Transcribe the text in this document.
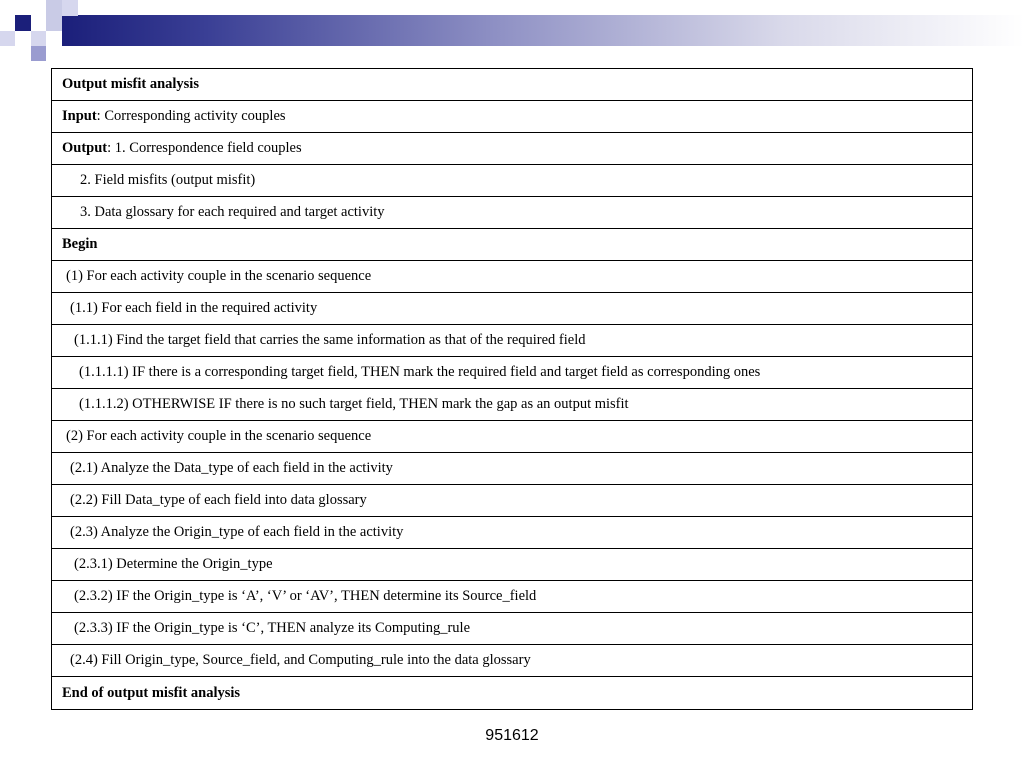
Output misfit analysis
Input : Corresponding activity couples
Output : 1. Correspondence field couples
2. Field misfits (output misfit)
3. Data glossary for each required and target activity
Begin
(1) For each activity couple in the scenario sequence
(1.1) For each field in the required activity
(1.1.1) Find the target field that carries the same information as that of the required field
(1.1.1.1) IF there is a corresponding target field, THEN mark the required field and target field as corresponding ones
(1.1.1.2) OTHERWISE IF there is no such target field, THEN mark the gap as an output misfit
(2) For each activity couple in the scenario sequence
(2.1) Analyze the Data_type of each field in the activity
(2.2) Fill Data_type of each field into data glossary
(2.3) Analyze the Origin_type of each field in the activity
(2.3.1) Determine the Origin_type
(2.3.2) IF the Origin_type is ‘A’, ‘V’ or ‘AV’, THEN determine its Source_field
(2.3.3) IF the Origin_type is ‘C’, THEN analyze its Computing_rule
(2.4) Fill Origin_type, Source_field, and Computing_rule into the data glossary
End of output misfit analysis
951612
